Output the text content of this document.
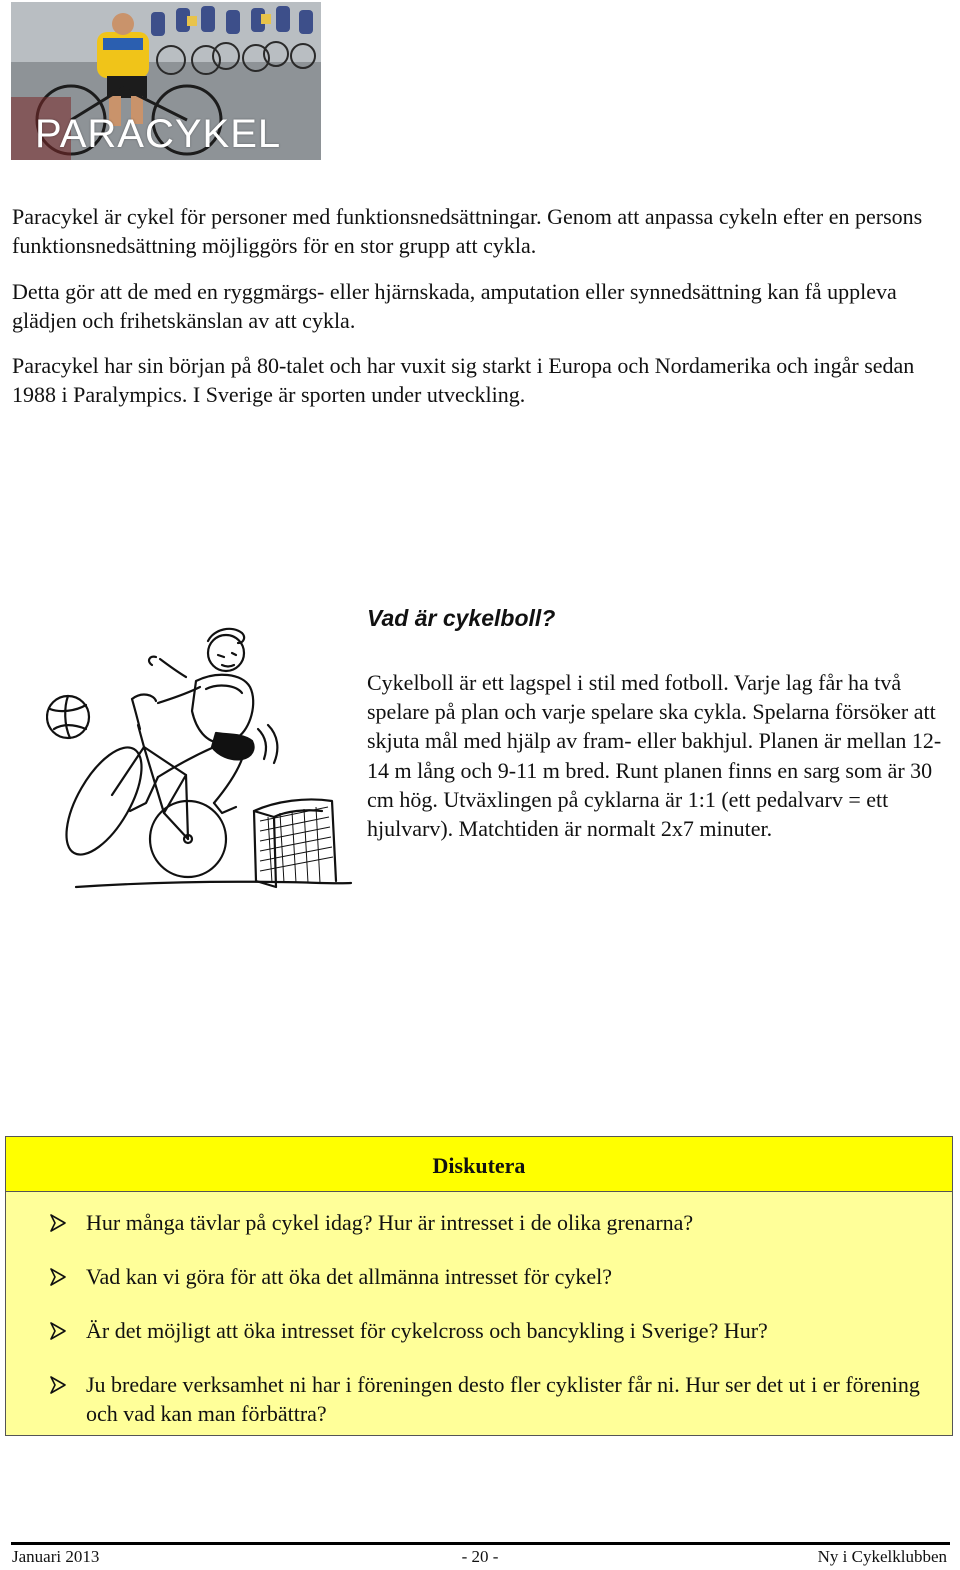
PARACYKEL

Paracykel är cykel för personer med funktionsnedsättningar. Genom att anpassa cykeln efter en persons funktionsnedsättning möjliggörs för en stor grupp att cykla.

Detta gör att de med en ryggmärgs- eller hjärnskada, amputation eller synnedsättning kan få uppleva glädjen och frihetskänslan av att cykla.

Paracykel har sin början på 80-talet och har vuxit sig starkt i Europa och Nordamerika och ingår sedan 1988 i Paralympics. I Sverige är sporten under utveckling.

Vad är cykelboll?

Cykelboll är ett lagspel i stil med fotboll. Varje lag får ha två spelare på plan och varje spelare ska cykla. Spelarna försöker att skjuta mål med hjälp av fram- eller bakhjul. Planen är mellan 12-14 m lång och 9-11 m bred. Runt planen finns en sarg som är 30 cm hög. Utväxlingen på cyklarna är 1:1 (ett pedalvarv = ett hjulvarv). Matchtiden är normalt 2x7 minuter.

Diskutera
Hur många tävlar på cykel idag? Hur är intresset i de olika grenarna?
Vad kan vi göra för att öka det allmänna intresset för cykel?
Är det möjligt att öka intresset för cykelcross och bancykling i Sverige? Hur?
Ju bredare verksamhet ni har i föreningen desto fler cyklister får ni. Hur ser det ut i er förening och vad kan man förbättra?
- 20 -
Januari 2013	Ny i Cykelklubben
